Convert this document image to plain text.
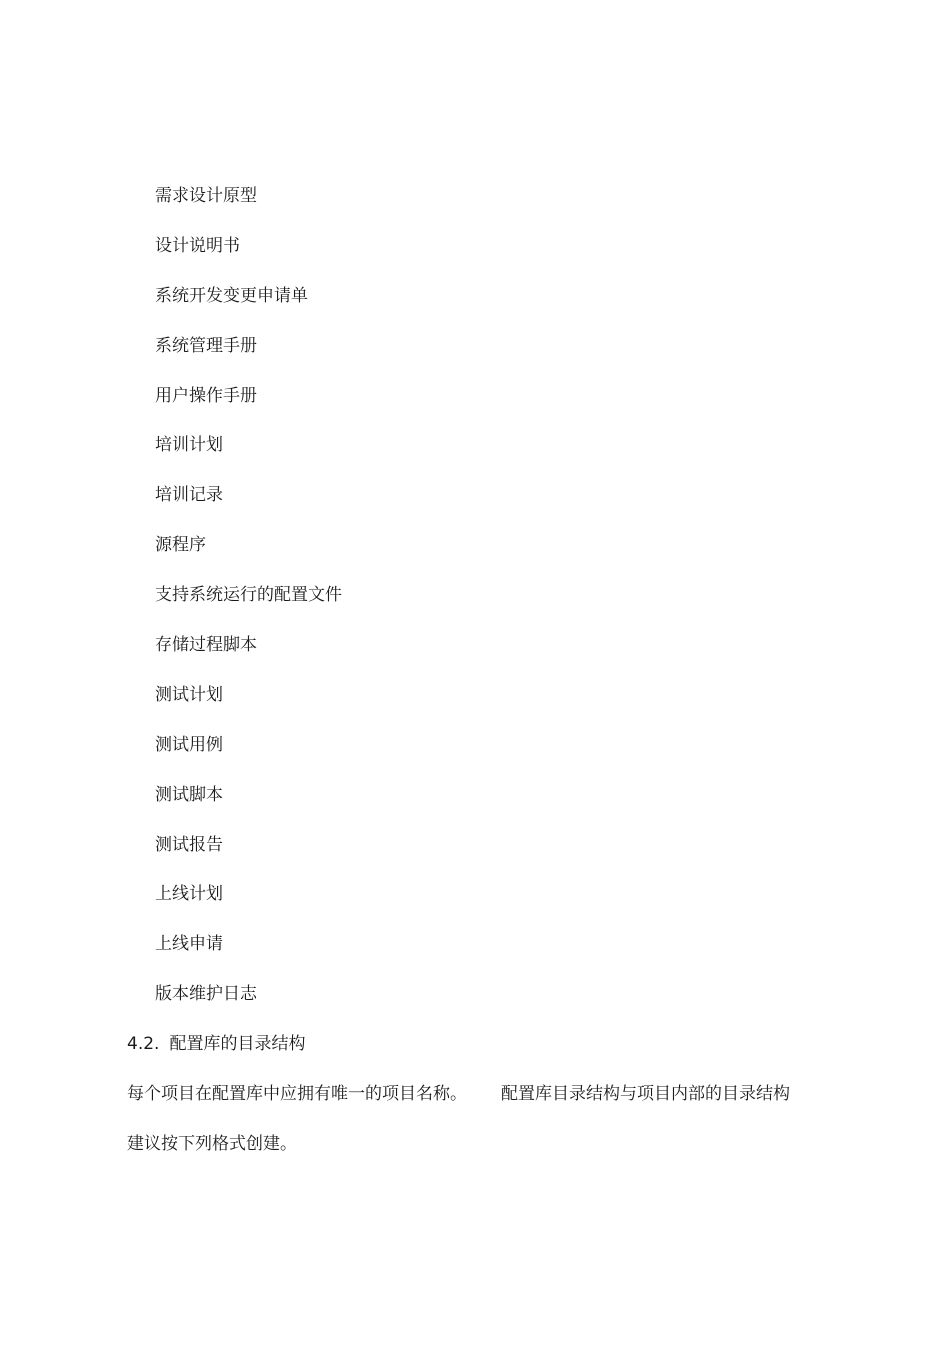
需求设计原型
设计说明书
系统开发变更申请单
系统管理手册
用户操作手册
培训计划
培训记录
源程序
支持系统运行的配置文件
存储过程脚本
测试计划
测试用例
测试脚本
测试报告
上线计划
上线申请
版本维护日志
4.2. 配置库的目录结构
每个项目在配置库中应拥有唯一的项目名称。 配置库目录结构与项目内部的目录结构
建议按下列格式创建。
